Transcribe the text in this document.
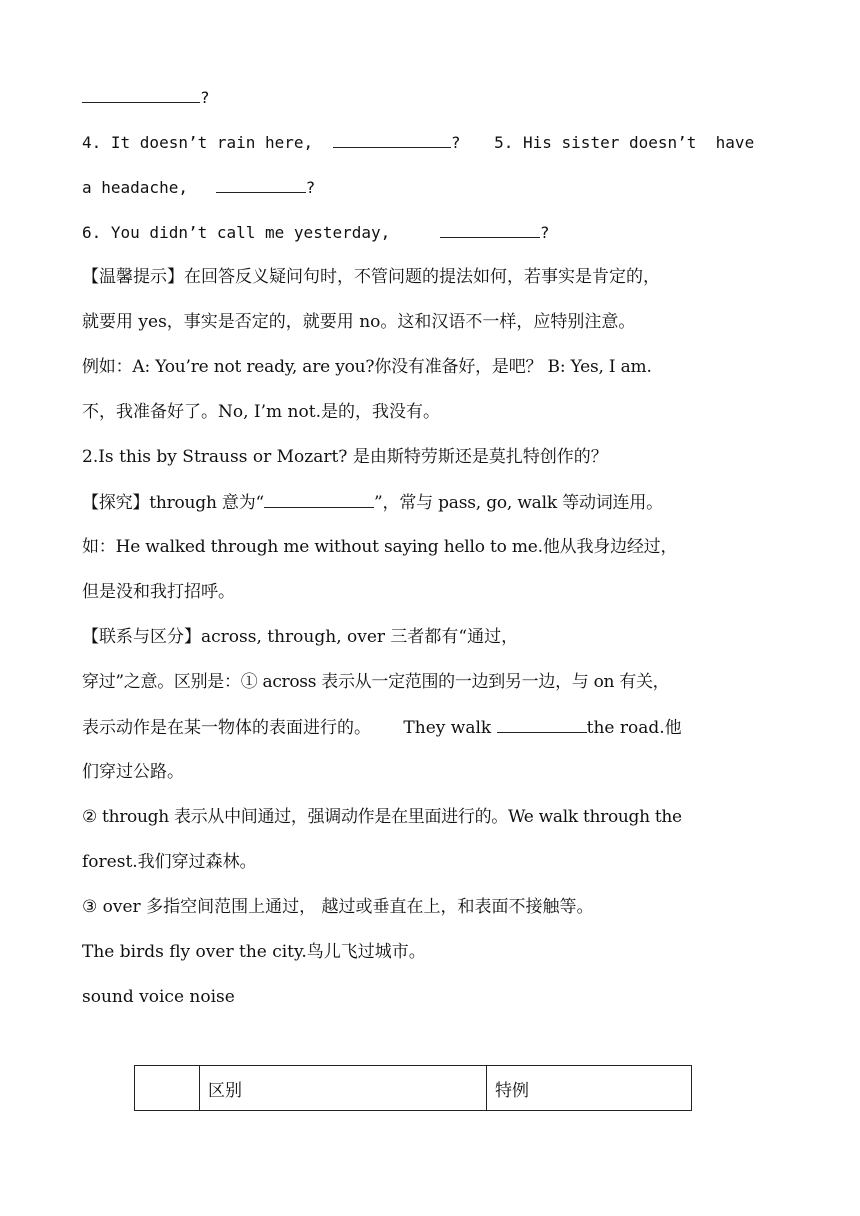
?
4. It doesn’t rain here,	? 5. His sister doesn’t  have
a headache,	?
6. You didn’t call me yesterday,	?
【温馨提示】在回答反义疑问句时，不管问题的提法如何，若事实是肯定的，
就要用 yes，事实是否定的，就要用 no。这和汉语不一样，应特别注意。
例如：A: You’re not ready, are you?你没有准备好，是吧？ B: Yes, I am.
不，我准备好了。No, I’m not.是的，我没有。
2.Is this by Strauss or Mozart? 是由斯特劳斯还是莫扎特创作的？
【探究】through 意为“	”，常与 pass, go, walk 等动词连用。
如：He walked through me without saying hello to me.他从我身边经过，
但是没和我打招呼。
【联系与区分】across, through, over 三者都有“通过，
穿过”之意。区别是：① across 表示从一定范围的一边到另一边，与 on 有关，
表示动作是在某一物体的表面进行的。      They walk	the road.他
们穿过公路。
② through 表示从中间通过，强调动作是在里面进行的。We walk through the
forest.我们穿过森林。
③ over 多指空间范围上通过， 越过或垂直在上，和表面不接触等。
The birds fly over the city.鸟儿飞过城市。
sound voice noise
	区别	特例
